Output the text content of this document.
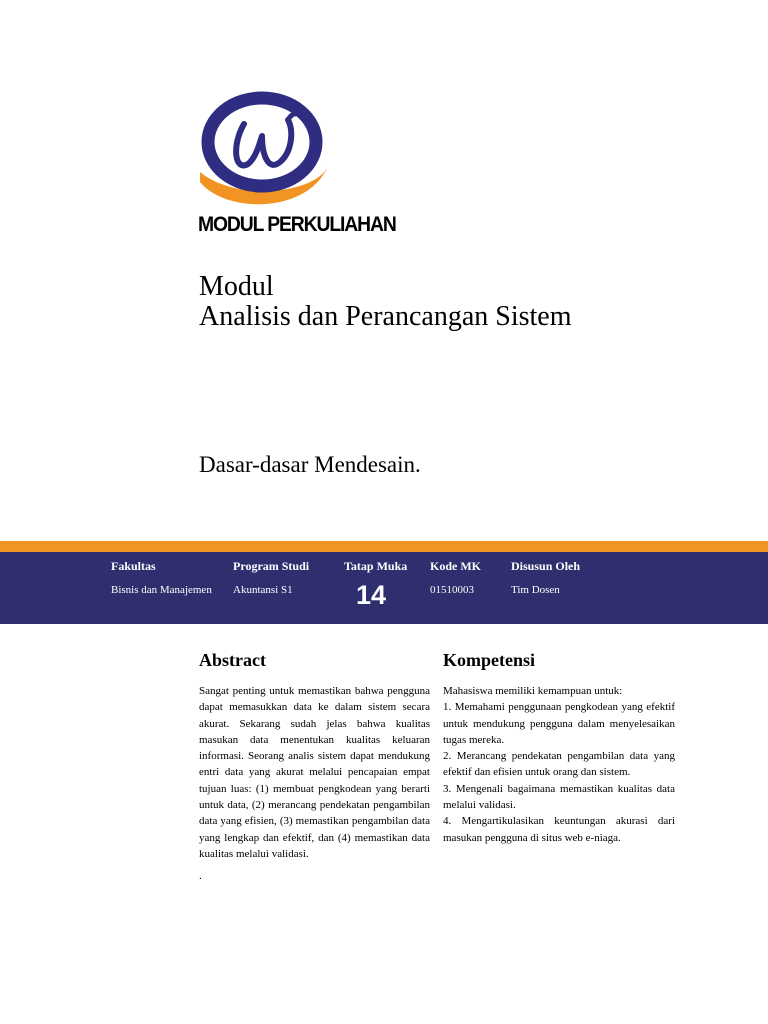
MODUL PERKULIAHAN
Modul
Analisis dan Perancangan Sistem
Dasar-dasar Mendesain.
Fakultas
Bisnis dan Manajemen
Program Studi
Akuntansi S1
Tatap Muka
14
Kode MK
01510003
Disusun Oleh
Tim Dosen
Abstract

Sangat penting untuk memastikan bahwa pengguna dapat memasukkan data ke dalam sistem secara akurat. Sekarang sudah jelas bahwa kualitas masukan data menentukan kualitas keluaran informasi. Seorang analis sistem dapat mendukung entri data yang akurat melalui pencapaian empat tujuan luas: (1) membuat pengkodean yang berarti untuk data, (2) merancang pendekatan pengambilan data yang efisien, (3) memastikan pengambilan data yang lengkap dan efektif, dan (4) memastikan data kualitas melalui validasi.

.

Kompetensi

Mahasiswa memiliki kemampuan untuk:

1. Memahami penggunaan pengkodean yang efektif untuk mendukung pengguna dalam menyelesaikan tugas mereka.

2. Merancang pendekatan pengambilan data yang efektif dan efisien untuk orang dan sistem.

3. Mengenali bagaimana memastikan kualitas data melalui validasi.

4. Mengartikulasikan keuntungan akurasi dari masukan pengguna di situs web e-niaga.
